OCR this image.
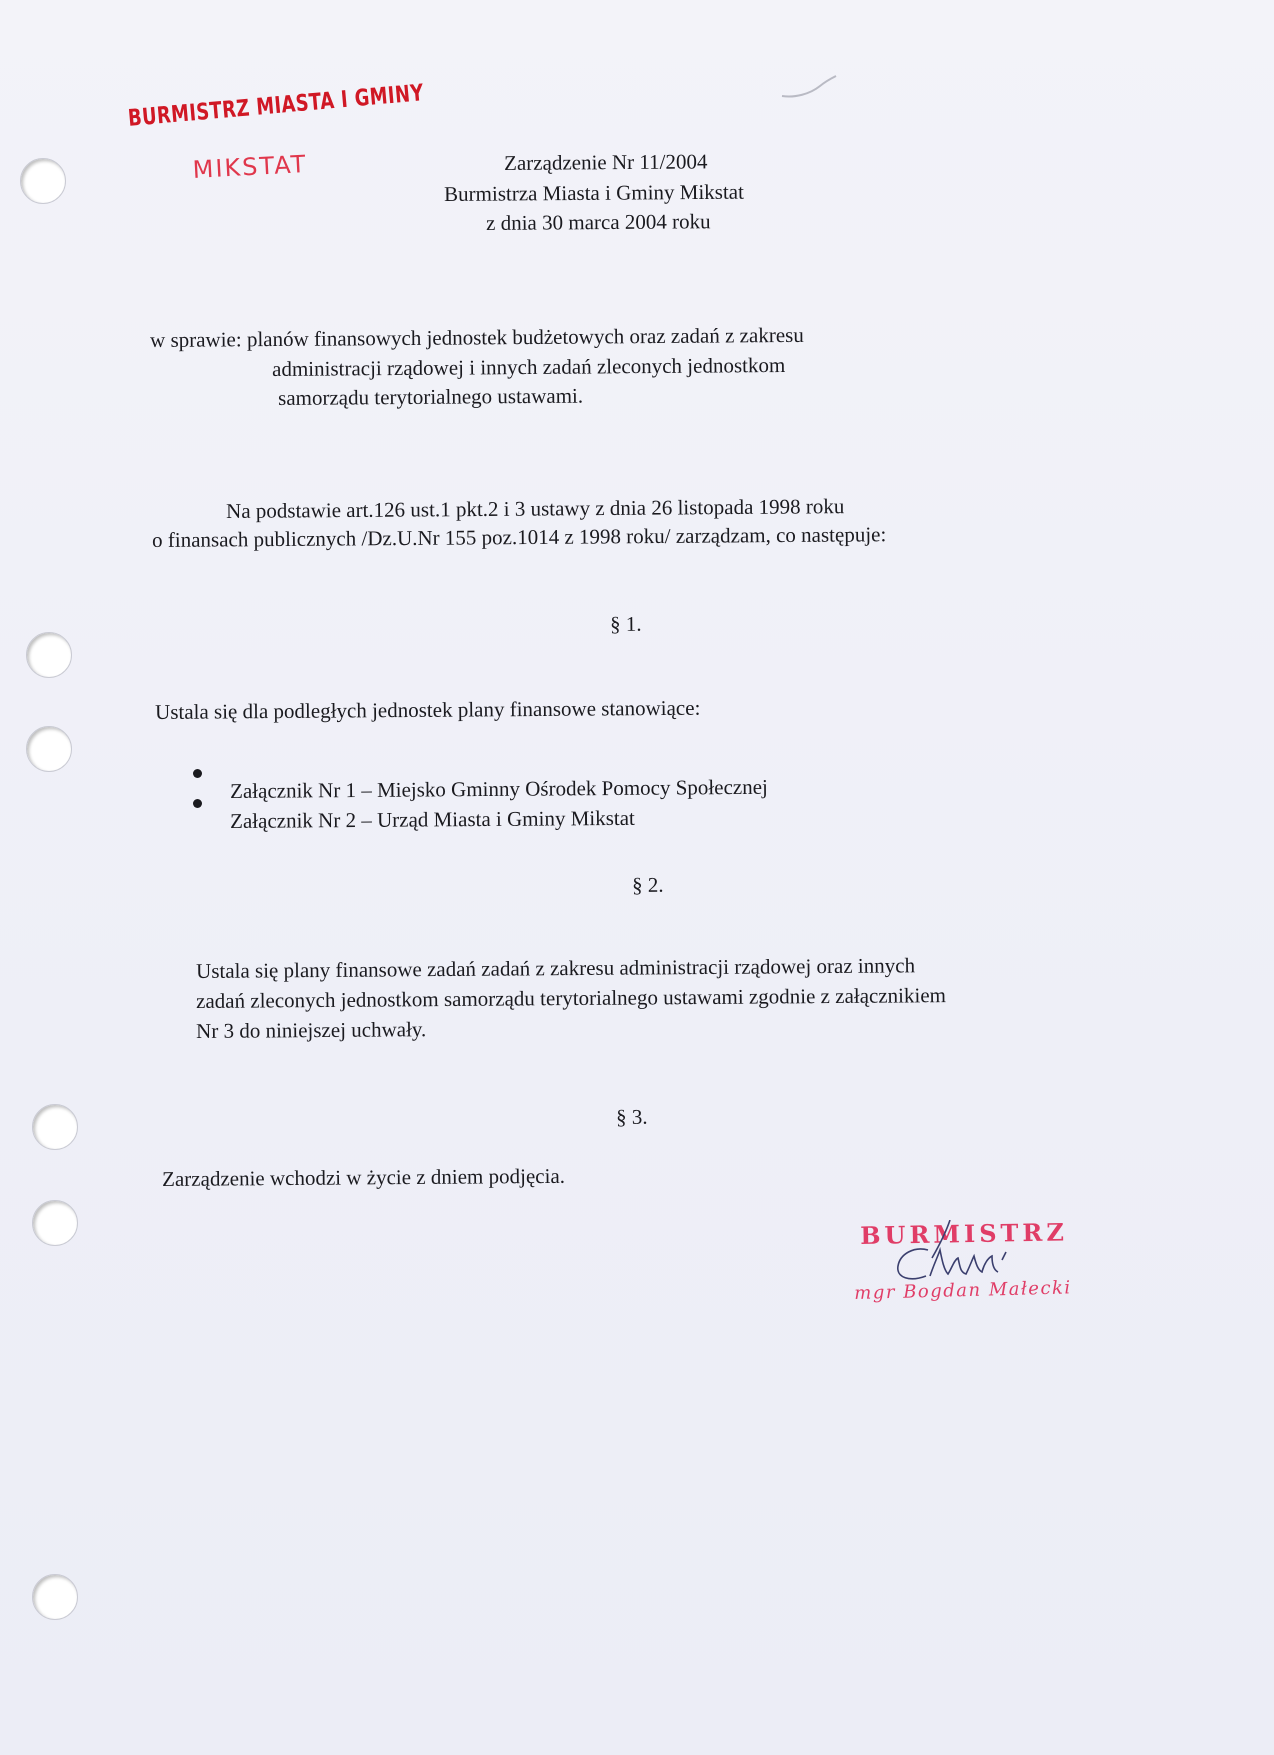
BURMISTRZ MIASTA I GMINY
MIKSTAT	Zarządzenie Nr 11/2004

Burmistrza Miasta i Gminy Mikstat

z dnia 30 marca 2004 roku

w sprawie: planów finansowych jednostek budżetowych oraz zadań z zakresu

administracji rządowej i innych zadań zleconych jednostkom

samorządu terytorialnego ustawami.

Na podstawie art.126 ust.1 pkt.2 i 3 ustawy z dnia 26 listopada 1998 roku

o finansach publicznych /Dz.U.Nr 155 poz.1014 z 1998 roku/ zarządzam, co następuje:

§ 1.

Ustala się dla podległych jednostek plany finansowe stanowiące:

Załącznik Nr 1 – Miejsko Gminny Ośrodek Pomocy Społecznej

Załącznik Nr 2 – Urząd Miasta i Gminy Mikstat

§ 2.

Ustala się plany finansowe zadań zadań z zakresu administracji rządowej oraz innych

zadań zleconych jednostkom samorządu terytorialnego ustawami zgodnie z załącznikiem

Nr 3 do niniejszej uchwały.

§ 3.

Zarządzenie wchodzi w życie z dniem podjęcia.

BURMISTRZ
mgr Bogdan Małecki
